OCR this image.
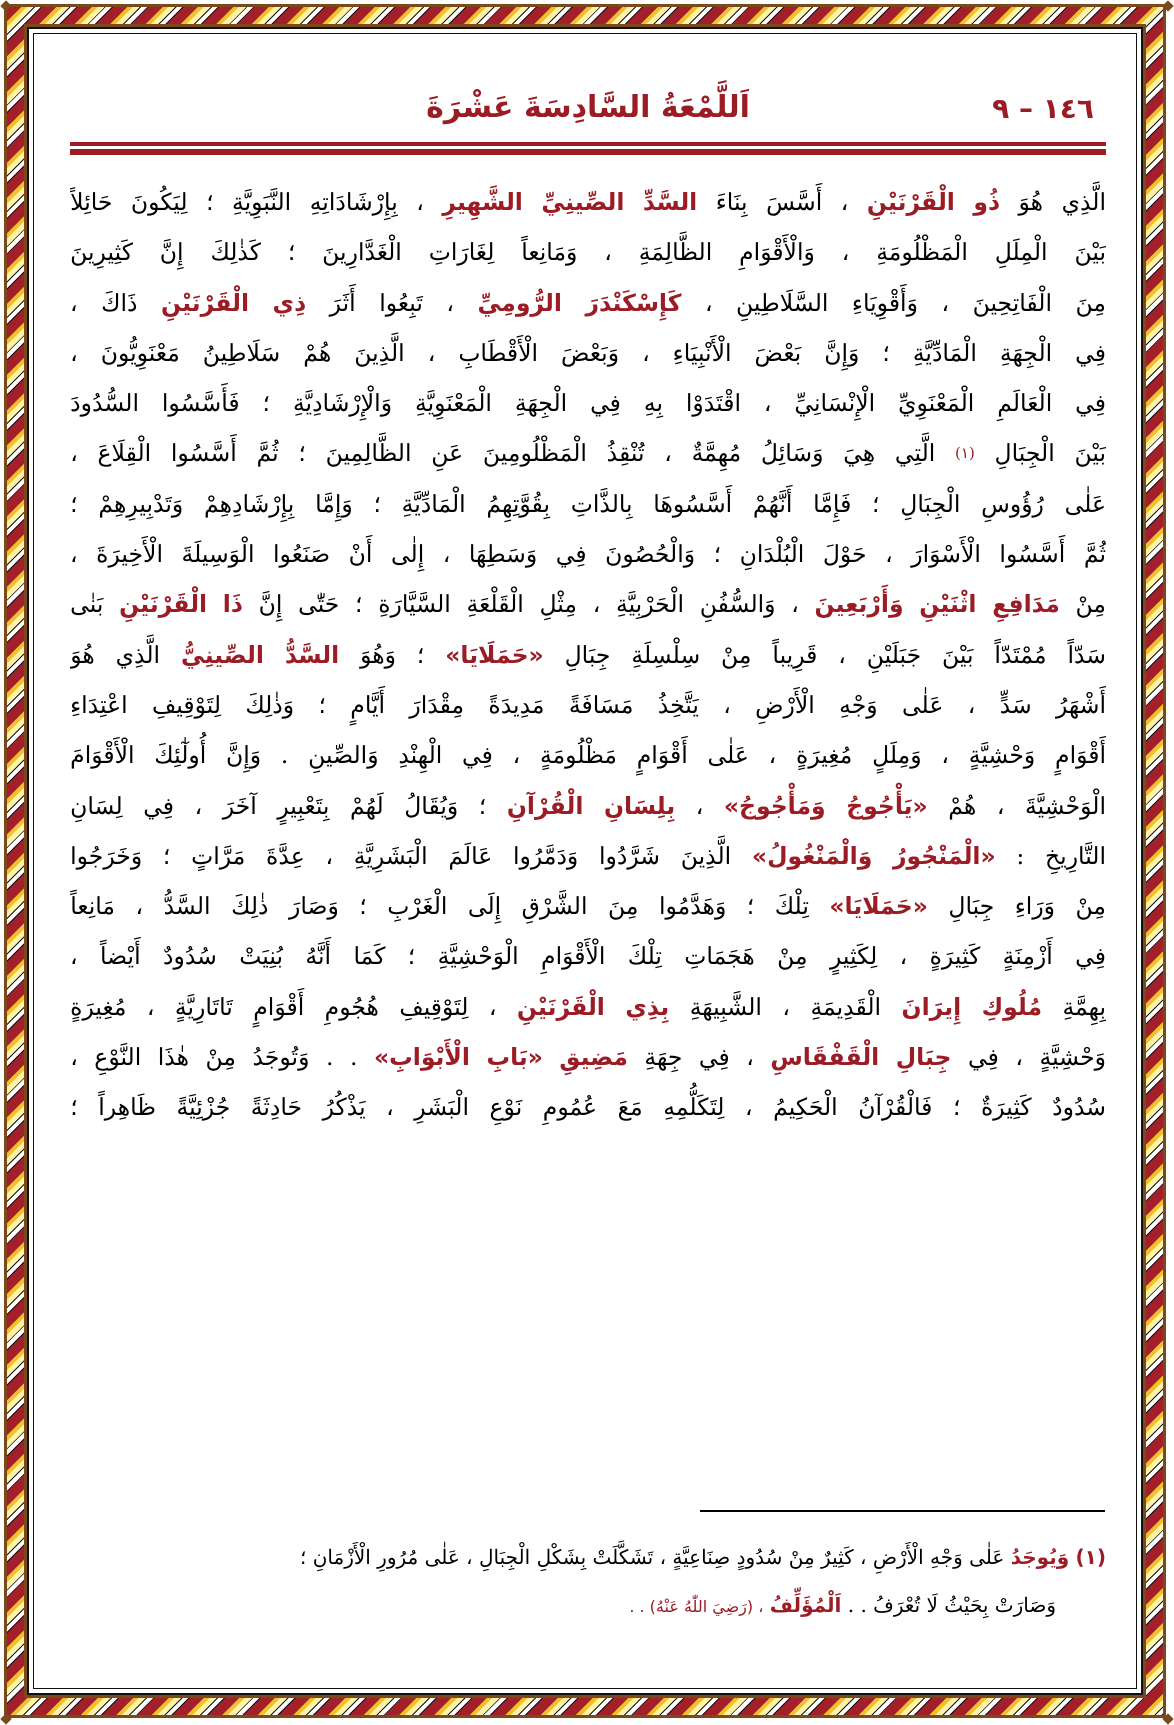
١٤٦ – ٩
اَللَّمْعَةُ السَّادِسَةَ عَشْرَةَ
الَّذِي
هُوَ
ذُو
الْقَرْنَيْنِ
،
أَسَّسَ
بِنَاءَ
السَّدِّ
الصِّينِيِّ
الشَّهِيرِ
،
بِإِرْشَادَاتِهِ
النَّبَوِيَّةِ
؛
لِيَكُونَ
حَائِلاً
بَيْنَ
الْمِلَلِ
الْمَظْلُومَةِ
،
وَالْأَقْوَامِ
الظَّالِمَةِ
،
وَمَانِعاً
لِغَارَاتِ
الْغَدَّارِينَ
؛
كَذٰلِكَ
إِنَّ
كَثِيرِينَ
مِنَ
الْفَاتِحِينَ
،
وَأَقْوِيَاءِ
السَّلَاطِينِ
،
كَإِسْكَنْدَرَ
الرُّومِيِّ
،
تَبِعُوا
أَثَرَ
ذِي
الْقَرْنَيْنِ
ذَاكَ
،
فِي
الْجِهَةِ
الْمَادِّيَّةِ
؛
وَإِنَّ
بَعْضَ
الْأَنْبِيَاءِ
،
وَبَعْضَ
الْأَقْطَابِ
،
الَّذِينَ
هُمْ
سَلَاطِينُ
مَعْنَوِيُّونَ
،
فِي
الْعَالَمِ
الْمَعْنَوِيِّ
الْإِنْسَانِيِّ
،
اقْتَدَوْا
بِهِ
فِي
الْجِهَةِ
الْمَعْنَوِيَّةِ
وَالْإِرْشَادِيَّةِ
؛
فَأَسَّسُوا
السُّدُودَ
بَيْنَ
الْجِبَالِ
(١)
الَّتِي
هِيَ
وَسَائِلُ
مُهِمَّةٌ
،
تُنْقِذُ
الْمَظْلُومِينَ
عَنِ
الظَّالِمِينَ
؛
ثُمَّ
أَسَّسُوا
الْقِلَاعَ
،
عَلٰى
رُؤُوسِ
الْجِبَالِ
؛
فَإِمَّا
أَنَّهُمْ
أَسَّسُوهَا
بِالذَّاتِ
بِقُوَّتِهِمُ
الْمَادِّيَّةِ
؛
وَإِمَّا
بِإِرْشَادِهِمْ
وَتَدْبِيرِهِمْ
؛
ثُمَّ
أَسَّسُوا
الْأَسْوَارَ
،
حَوْلَ
الْبُلْدَانِ
؛
وَالْحُصُونَ
فِي
وَسَطِهَا
،
إِلٰى
أَنْ
صَنَعُوا
الْوَسِيلَةَ
الْأَخِيرَةَ
،
مِنْ
مَدَافِعِ
اثْنَيْنِ
وَأَرْبَعِينَ
،
وَالسُّفُنِ
الْحَرْبِيَّةِ
،
مِثْلِ
الْقَلْعَةِ
السَّيَّارَةِ
؛
حَتّٰى
إِنَّ
ذَا
الْقَرْنَيْنِ
بَنٰى
سَدّاً
مُمْتَدّاً
بَيْنَ
جَبَلَيْنِ
،
قَرِيباً
مِنْ
سِلْسِلَةِ
جِبَالِ
«حَمَلَايَا»
؛
وَهُوَ
السَّدُّ
الصِّينِيُّ
الَّذِي
هُوَ
أَشْهَرُ
سَدٍّ
،
عَلٰى
وَجْهِ
الْأَرْضِ
،
يَتَّخِذُ
مَسَافَةً
مَدِيدَةً
مِقْدَارَ
أَيَّامٍ
؛
وَذٰلِكَ
لِتَوْقِيفِ
اعْتِدَاءِ
أَقْوَامٍ
وَحْشِيَّةٍ
،
وَمِلَلٍ
مُغِيرَةٍ
،
عَلٰى
أَقْوَامٍ
مَظْلُومَةٍ
،
فِي
الْهِنْدِ
وَالصِّينِ
.
وَإِنَّ
أُولٰٓئِكَ
الْأَقْوَامَ
الْوَحْشِيَّةَ
،
هُمْ
«يَأْجُوجُ
وَمَأْجُوجُ»
،
بِلِسَانِ
الْقُرْآنِ
؛
وَيُقَالُ
لَهُمْ
بِتَعْبِيرٍ
آخَرَ
،
فِي
لِسَانِ
التَّارِيخِ
:
«الْمَنْجُورُ
وَالْمَنْغُولُ»
الَّذِينَ
شَرَّدُوا
وَدَمَّرُوا
عَالَمَ
الْبَشَرِيَّةِ
،
عِدَّةَ
مَرَّاتٍ
؛
وَخَرَجُوا
مِنْ
وَرَاءِ
جِبَالِ
«حَمَلَايَا»
تِلْكَ
؛
وَهَدَّمُوا
مِنَ
الشَّرْقِ
إِلَى
الْغَرْبِ
؛
وَصَارَ
ذٰلِكَ
السَّدُّ
،
مَانِعاً
فِي
أَزْمِنَةٍ
كَثِيرَةٍ
،
لِكَثِيرٍ
مِنْ
هَجَمَاتِ
تِلْكَ
الْأَقْوَامِ
الْوَحْشِيَّةِ
؛
كَمَا
أَنَّهُ
بُنِيَتْ
سُدُودٌ
أَيْضاً
،
بِهِمَّةِ
مُلُوكِ
إِيرَانَ
الْقَدِيمَةِ
،
الشَّبِيهَةِ
بِذِي
الْقَرْنَيْنِ
،
لِتَوْقِيفِ
هُجُومِ
أَقْوَامٍ
تَاتَارِيَّةٍ
،
مُغِيرَةٍ
وَحْشِيَّةٍ
،
فِي
جِبَالِ
الْقَفْقَاسِ
،
فِي
جِهَةِ
مَضِيقِ
«بَابِ
الْأَبْوَابِ»
.
.
وَتُوجَدُ
مِنْ
هٰذَا
النَّوْعِ
،
سُدُودٌ
كَثِيرَةٌ
؛
فَالْقُرْآنُ
الْحَكِيمُ
،
لِتَكَلُّمِهِ
مَعَ
عُمُومِ
نَوْعِ
الْبَشَرِ
،
يَذْكُرُ
حَادِثَةً
جُزْئِيَّةً
ظَاهِراً
؛
(١) وَيُوجَدُ عَلٰى وَجْهِ الْأَرْضِ ، كَثِيرٌ مِنْ سُدُودٍ صِنَاعِيَّةٍ ، تَشَكَّلَتْ بِشَكْلِ الْجِبَالِ ، عَلٰى مُرُورِ الْأَزْمَانِ ؛
وَصَارَتْ بِحَيْثُ لَا تُعْرَفُ . . اَلْمُؤَلِّفُ ، (رَضِيَ اللّٰهُ عَنْهُ) . .
